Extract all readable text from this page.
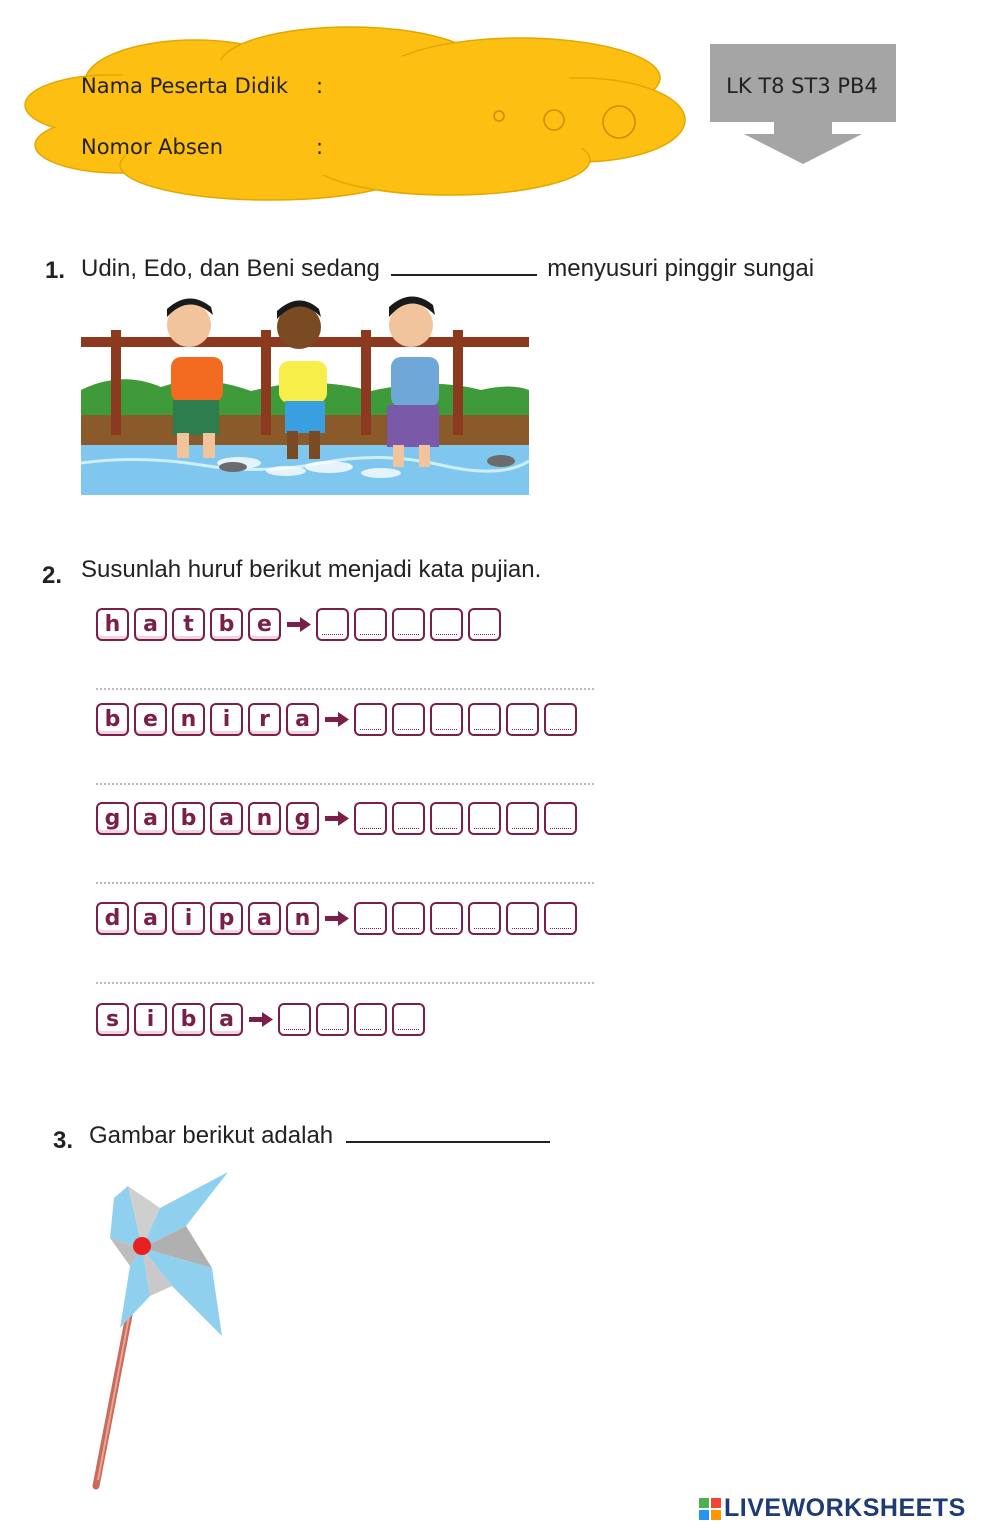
Nama Peserta Didik :
Nomor Absen	:
LK T8 ST3 PB4
1. Udin, Edo, dan Beni sedang	menyusuri pinggir sungai
2. Susunlah huruf berikut menjadi kata pujian.
h	a	t	b	e
b	e	n	i	r	a
g	a	b	a	n	g
d	a	i	p	a	n
s	i	b	a
3. Gambar berikut adalah
LIVEWORKSHEETS
